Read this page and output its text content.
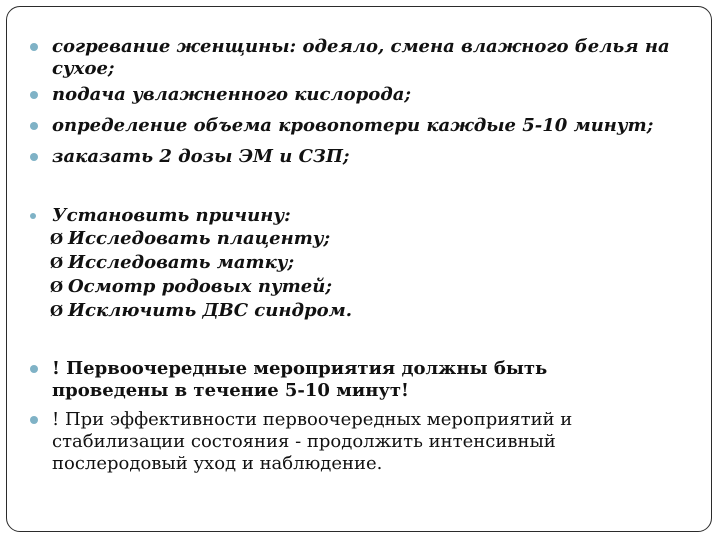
согревание женщины: одеяло, смена влажного белья на
сухое;
подача увлажненного кислорода;
определение объема кровопотери каждые 5-10 минут;
заказать 2 дозы ЭМ и СЗП;
Установить причину:
Ø Исследовать плаценту;
Ø Исследовать матку;
Ø Осмотр родовых путей;
Ø Исключить ДВС синдром.
! Первоочередные мероприятия должны быть
проведены в течение 5-10 минут!
! При эффективности первоочередных мероприятий и
стабилизации состояния - продолжить интенсивный
послеродовый уход и наблюдение.
